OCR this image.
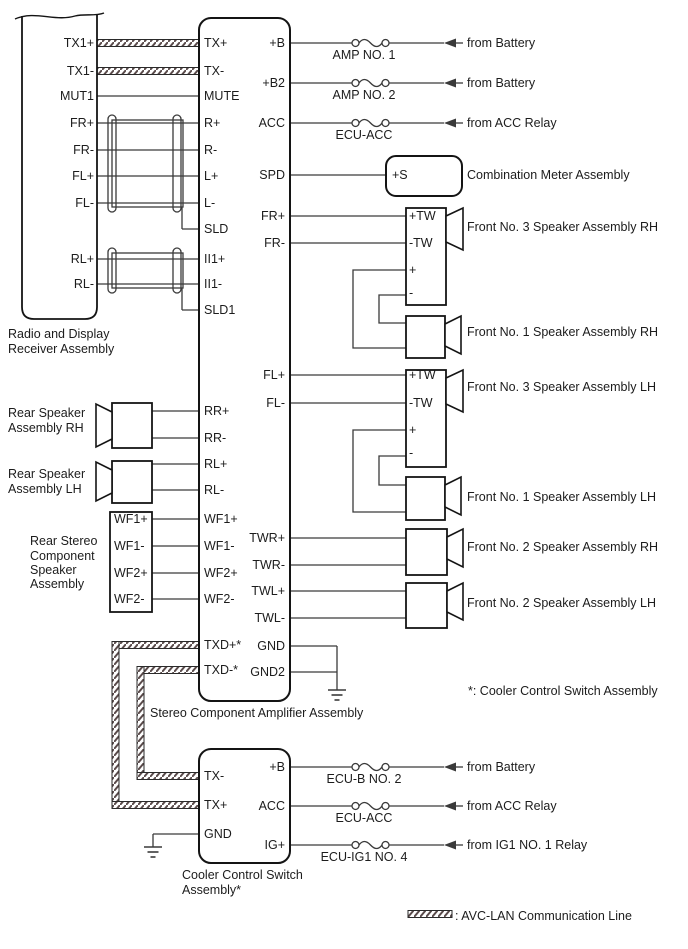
TX1+
TX1-
MUT1
FR+
FR-
FL+
FL-
RL+
RL-
TX+
TX-
MUTE
R+
R-
L+
L-
SLD
II1+
II1-
SLD1
RR+
RR-
RL+
RL-
WF1+
WF1-
WF2+
WF2-
TXD+*
TXD-*
+B
+B2
ACC
SPD
FR+
FR-
FL+
FL-
TWR+
TWR-
TWL+
TWL-
GND
GND2
TX-
TX+
GND
+B
ACC
IG+
+S	Combination Meter Assembly
+TW
-TW
+
-
+TW
-TW
+
-
WF1+
WF1-
WF2+
WF2-
Radio and Display
Receiver Assembly
Stereo Component Amplifier Assembly
Cooler Control Switch
Assembly*
Front No. 3 Speaker Assembly RH
Front No. 1 Speaker Assembly RH
Front No. 3 Speaker Assembly LH
Front No. 1 Speaker Assembly LH
Front No. 2 Speaker Assembly RH
Front No. 2 Speaker Assembly LH
Rear Speaker
Assembly RH
Rear Speaker
Assembly LH
Rear Stereo
Component
Speaker
Assembly
AMP NO. 1
from Battery
AMP NO. 2
from Battery
ECU-ACC
from ACC Relay
ECU-B NO. 2
from Battery
ECU-ACC
from ACC Relay
ECU-IG1 NO. 4
from IG1 NO. 1 Relay
*: Cooler Control Switch Assembly
: AVC-LAN Communication Line
